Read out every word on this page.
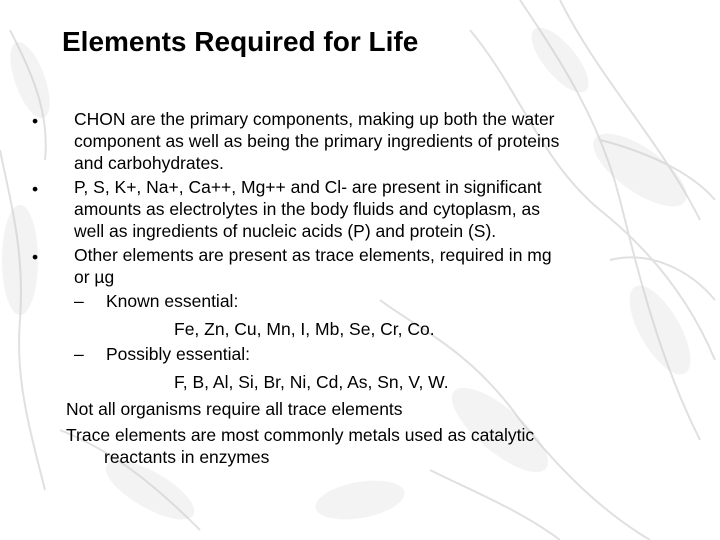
Elements Required for Life
• CHON are the primary components, making up both the water
component as well as being the primary ingredients of proteins
and carbohydrates.
• P, S, K+, Na+, Ca++, Mg++ and Cl- are present in significant
amounts as electrolytes in the body fluids and cytoplasm, as
well as ingredients of nucleic acids (P) and protein (S).
• Other elements are present as trace elements, required in mg
or µg
– Known essential:
Fe, Zn, Cu, Mn, I, Mb, Se, Cr, Co.
– Possibly essential:
F, B, Al, Si, Br, Ni, Cd, As, Sn, V, W.
Not all organisms require all trace elements
Trace elements are most commonly metals used as catalytic
reactants in enzymes
